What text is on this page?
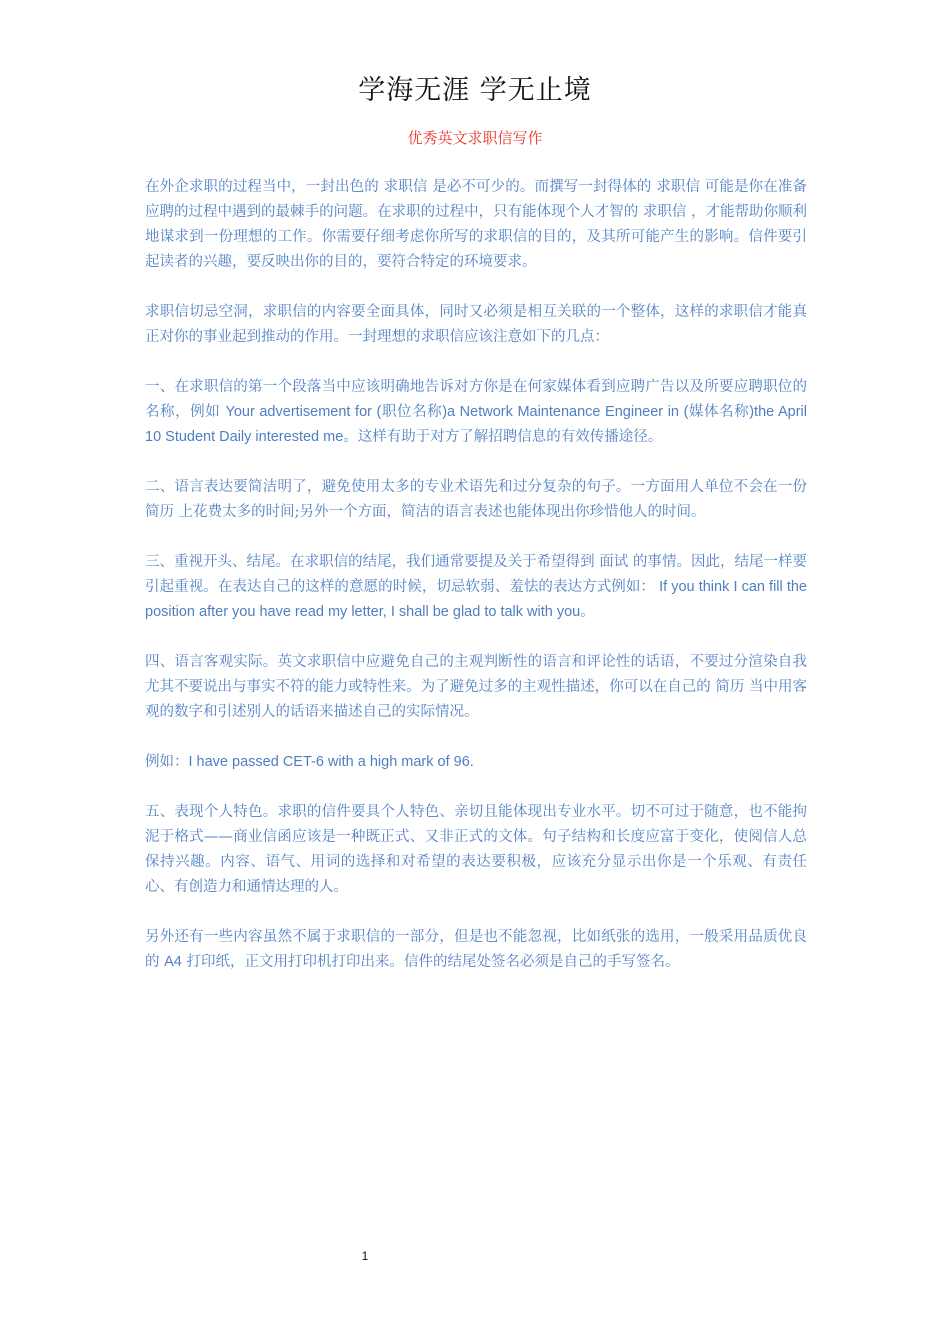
学海无涯 学无止境
优秀英文求职信写作

在外企求职的过程当中，一封出色的 求职信 是必不可少的。而撰写一封得体的 求职信 可能是你在准备应聘的过程中遇到的最棘手的问题。在求职的过程中，只有能体现个人才智的 求职信 ，才能帮助你顺利地谋求到一份理想的工作。你需要仔细考虑你所写的求职信的目的，及其所可能产生的影响。信件要引起读者的兴趣，要反映出你的目的，要符合特定的环境要求。

求职信切忌空洞，求职信的内容要全面具体，同时又必须是相互关联的一个整体，这样的求职信才能真正对你的事业起到推动的作用。一封理想的求职信应该注意如下的几点：

一、在求职信的第一个段落当中应该明确地告诉对方你是在何家媒体看到应聘广告以及所要应聘职位的名称，例如 Your advertisement for (职位名称)a Network Maintenance Engineer in (媒体名称)the April 10 Student Daily interested me。这样有助于对方了解招聘信息的有效传播途径。

二、语言表达要简洁明了，避免使用太多的专业术语先和过分复杂的句子。一方面用人单位不会在一份 简历 上花费太多的时间;另外一个方面，简洁的语言表述也能体现出你珍惜他人的时间。

三、重视开头、结尾。在求职信的结尾，我们通常要提及关于希望得到 面试 的事情。因此，结尾一样要引起重视。在表达自己的这样的意愿的时候，切忌软弱、羞怯的表达方式例如： If you think I can fill the position after you have read my letter, I shall be glad to talk with you。

四、语言客观实际。英文求职信中应避免自己的主观判断性的语言和评论性的话语，不要过分渲染自我尤其不要说出与事实不符的能力或特性来。为了避免过多的主观性描述，你可以在自己的 简历 当中用客观的数字和引述别人的话语来描述自己的实际情况。

例如：I have passed CET-6 with a high mark of 96.

五、表现个人特色。求职的信件要具个人特色、亲切且能体现出专业水平。切不可过于随意，也不能拘泥于格式——商业信函应该是一种既正式、又非正式的文体。句子结构和长度应富于变化，使阅信人总保持兴趣。内容、语气、用词的选择和对希望的表达要积极，应该充分显示出你是一个乐观、有责任心、有创造力和通情达理的人。

另外还有一些内容虽然不属于求职信的一部分，但是也不能忽视，比如纸张的选用，一般采用品质优良的 A4 打印纸，正文用打印机打印出来。信件的结尾处签名必须是自己的手写签名。

1
